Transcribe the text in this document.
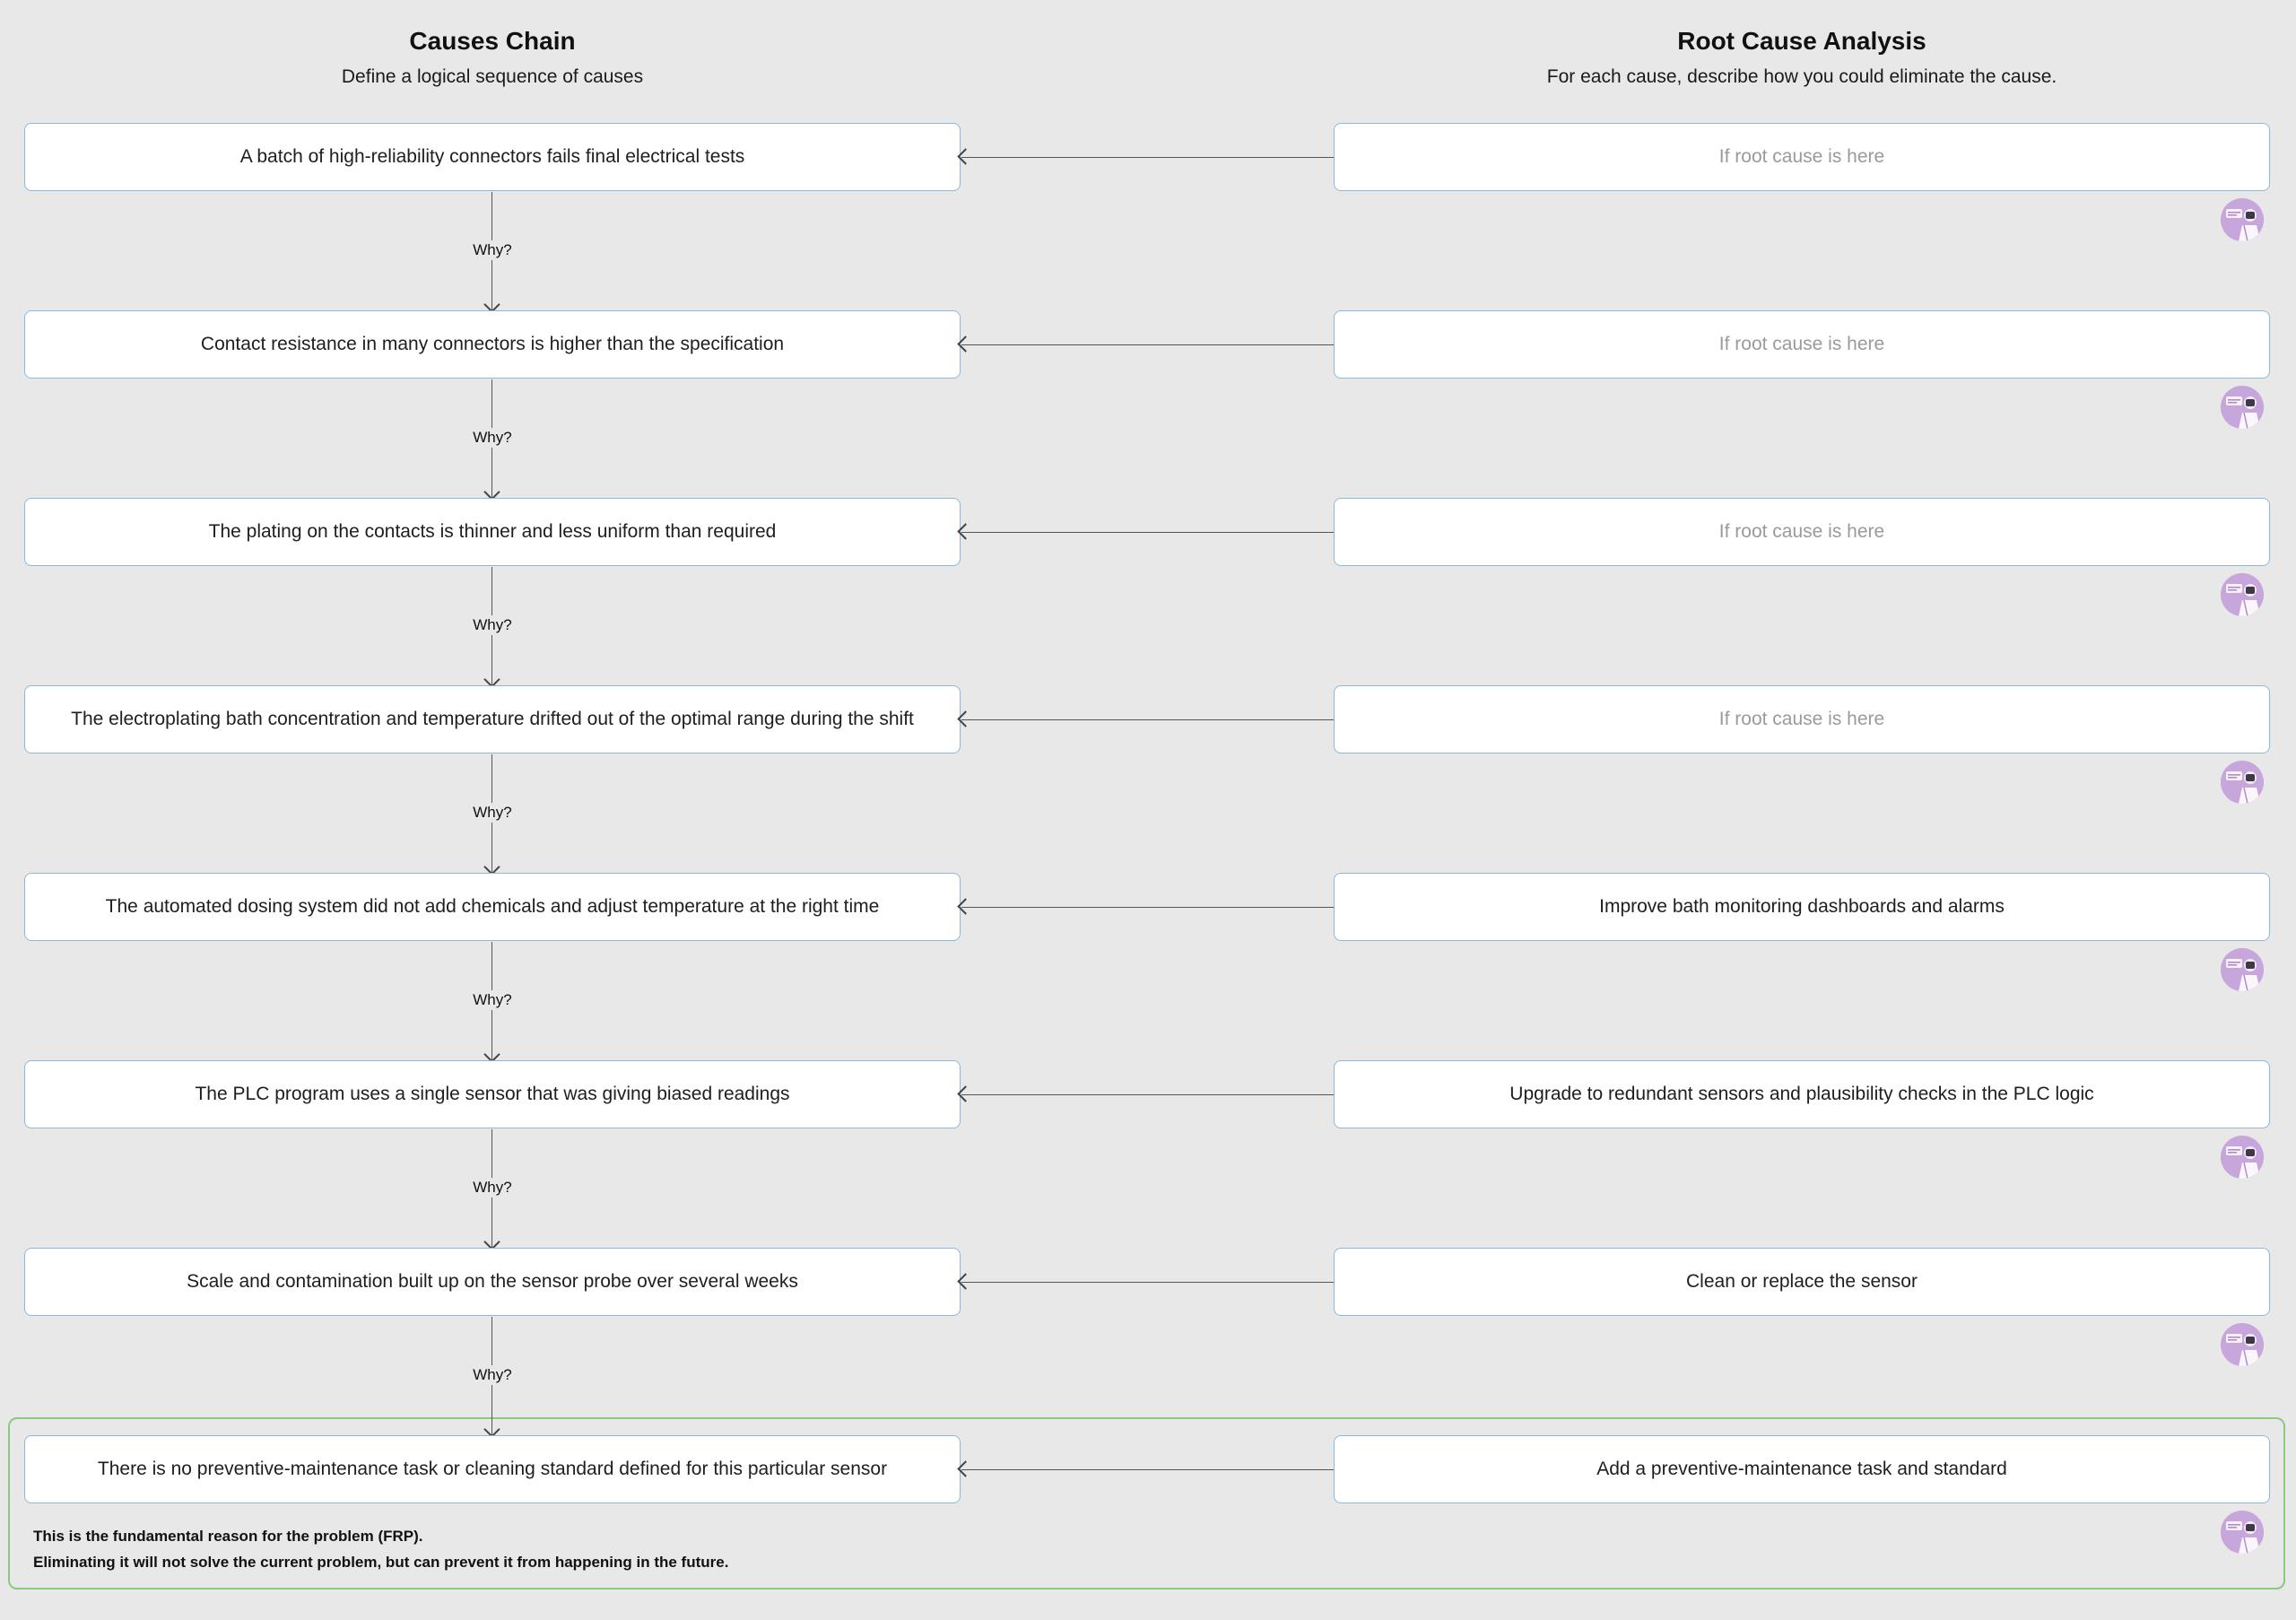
Causes Chain
Define a logical sequence of causes
Root Cause Analysis
For each cause, describe how you could eliminate the cause.
This is the fundamental reason for the problem (FRP).
Eliminating it will not solve the current problem, but can prevent it from happening in the future.
A batch of high-reliability connectors fails final electrical tests	If root cause is here
Why?
Contact resistance in many connectors is higher than the specification	If root cause is here
Why?
The plating on the contacts is thinner and less uniform than required	If root cause is here
Why?
The electroplating bath concentration and temperature drifted out of the optimal range during the shift	If root cause is here
Why?
The automated dosing system did not add chemicals and adjust temperature at the right time	Improve bath monitoring dashboards and alarms
Why?
The PLC program uses a single sensor that was giving biased readings	Upgrade to redundant sensors and plausibility checks in the PLC logic
Why?
Scale and contamination built up on the sensor probe over several weeks	Clean or replace the sensor
Why?
There is no preventive-maintenance task or cleaning standard defined for this particular sensor	Add a preventive-maintenance task and standard
